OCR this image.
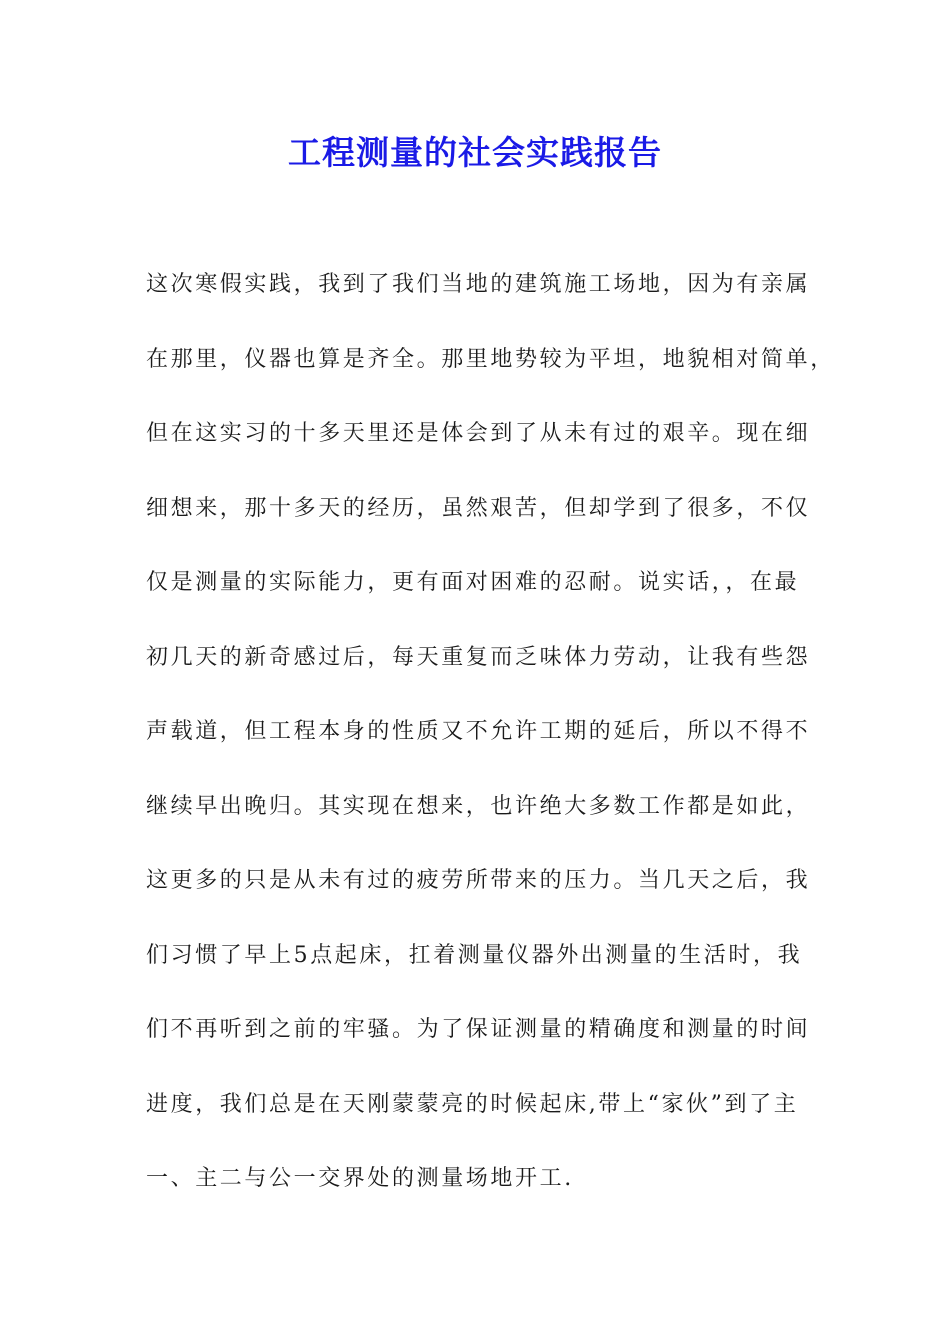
工程测量的社会实践报告
这次寒假实践，我到了我们当地的建筑施工场地，因为有亲属
在那里，仪器也算是齐全。那里地势较为平坦，地貌相对简单，
但在这实习的十多天里还是体会到了从未有过的艰辛。现在细
细想来，那十多天的经历，虽然艰苦，但却学到了很多，不仅
仅是测量的实际能力，更有面对困难的忍耐。说实话，，在最
初几天的新奇感过后，每天重复而乏味体力劳动，让我有些怨
声载道，但工程本身的性质又不允许工期的延后，所以不得不
继续早出晚归。其实现在想来，也许绝大多数工作都是如此，
这更多的只是从未有过的疲劳所带来的压力。当几天之后，我
们习惯了早上5点起床，扛着测量仪器外出测量的生活时，我
们不再听到之前的牢骚。为了保证测量的精确度和测量的时间
进度，我们总是在天刚蒙蒙亮的时候起床,带上“家伙”到了主
一、主二与公一交界处的测量场地开工.
